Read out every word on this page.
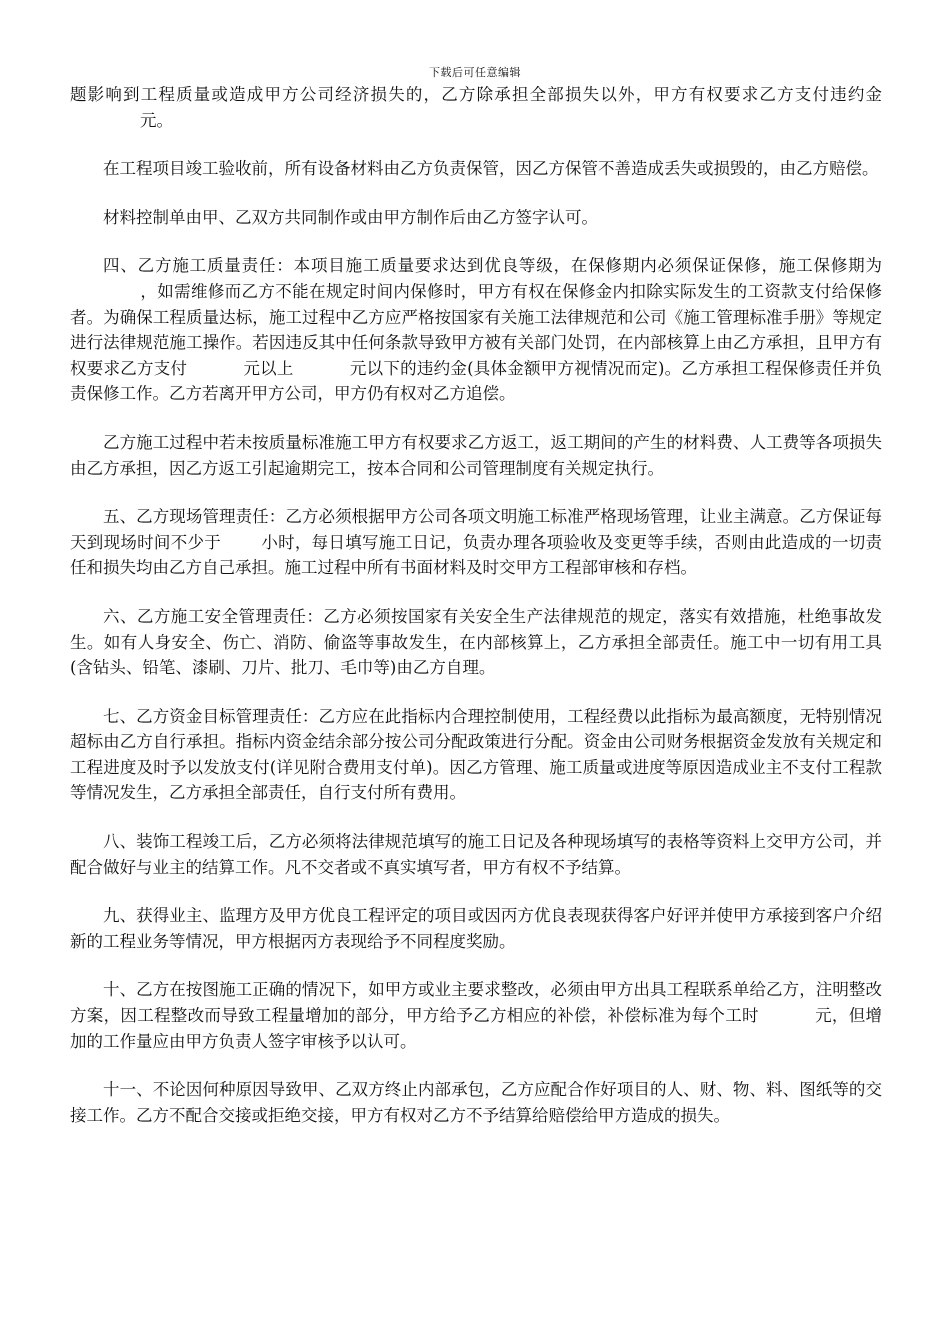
下载后可任意编辑

题影响到工程质量或造成甲方公司经济损失的，乙方除承担全部损失以外，甲方有权要求乙方支付违约金元。

在工程项目竣工验收前，所有设备材料由乙方负责保管，因乙方保管不善造成丢失或损毁的，由乙方赔偿。

材料控制单由甲、乙双方共同制作或由甲方制作后由乙方签字认可。

四、乙方施工质量责任：本项目施工质量要求达到优良等级，在保修期内必须保证保修，施工保修期为，如需维修而乙方不能在规定时间内保修时，甲方有权在保修金内扣除实际发生的工资款支付给保修者。为确保工程质量达标，施工过程中乙方应严格按国家有关施工法律规范和公司《施工管理标准手册》等规定进行法律规范施工操作。若因违反其中任何条款导致甲方被有关部门处罚，在内部核算上由乙方承担，且甲方有权要求乙方支付	元以上	元以下的违约金(具体金额甲方视情况而定)。乙方承担工程保修责任并负责保修工作。乙方若离开甲方公司，甲方仍有权对乙方追偿。

乙方施工过程中若未按质量标准施工甲方有权要求乙方返工，返工期间的产生的材料费、人工费等各项损失由乙方承担，因乙方返工引起逾期完工，按本合同和公司管理制度有关规定执行。

五、乙方现场管理责任：乙方必须根据甲方公司各项文明施工标准严格现场管理，让业主满意。乙方保证每天到现场时间不少于 小时，每日填写施工日记，负责办理各项验收及变更等手续，否则由此造成的一切责任和损失均由乙方自己承担。施工过程中所有书面材料及时交甲方工程部审核和存档。

六、乙方施工安全管理责任：乙方必须按国家有关安全生产法律规范的规定，落实有效措施，杜绝事故发生。如有人身安全、伤亡、消防、偷盗等事故发生，在内部核算上，乙方承担全部责任。施工中一切有用工具(含钻头、铅笔、漆刷、刀片、批刀、毛巾等)由乙方自理。

七、乙方资金目标管理责任：乙方应在此指标内合理控制使用，工程经费以此指标为最高额度，无特别情况超标由乙方自行承担。指标内资金结余部分按公司分配政策进行分配。资金由公司财务根据资金发放有关规定和工程进度及时予以发放支付(详见附合费用支付单)。因乙方管理、施工质量或进度等原因造成业主不支付工程款等情况发生，乙方承担全部责任，自行支付所有费用。

八、装饰工程竣工后，乙方必须将法律规范填写的施工日记及各种现场填写的表格等资料上交甲方公司，并配合做好与业主的结算工作。凡不交者或不真实填写者，甲方有权不予结算。

九、获得业主、监理方及甲方优良工程评定的项目或因丙方优良表现获得客户好评并使甲方承接到客户介绍新的工程业务等情况，甲方根据丙方表现给予不同程度奖励。

十、乙方在按图施工正确的情况下，如甲方或业主要求整改，必须由甲方出具工程联系单给乙方，注明整改方案，因工程整改而导致工程量增加的部分，甲方给予乙方相应的补偿，补偿标准为每个工时	元，但增加的工作量应由甲方负责人签字审核予以认可。

十一、不论因何种原因导致甲、乙双方终止内部承包，乙方应配合作好项目的人、财、物、料、图纸等的交接工作。乙方不配合交接或拒绝交接，甲方有权对乙方不予结算给赔偿给甲方造成的损失。
